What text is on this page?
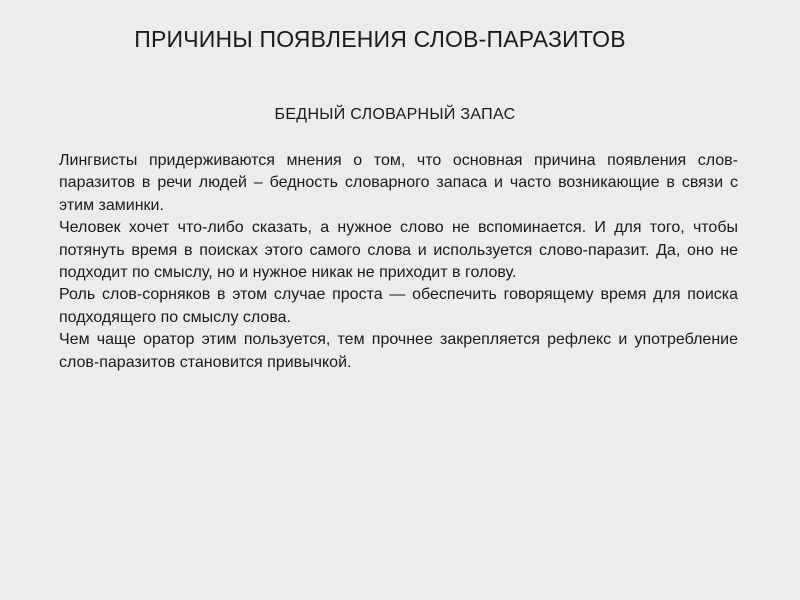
ПРИЧИНЫ ПОЯВЛЕНИЯ СЛОВ-ПАРАЗИТОВ
БЕДНЫЙ СЛОВАРНЫЙ ЗАПАС

Лингвисты придерживаются мнения о том, что основная причина появления слов-паразитов в речи людей – бедность словарного запаса и часто возникающие в связи с этим заминки.

Человек хочет что-либо сказать, а нужное слово не вспоминается. И для того, чтобы потянуть время в поисках этого самого слова и используется слово-паразит. Да, оно не подходит по смыслу, но и нужное никак не приходит в голову.

Роль слов-сорняков в этом случае проста — обеспечить говорящему время для поиска подходящего по смыслу слова.

Чем чаще оратор этим пользуется, тем прочнее закрепляется рефлекс и употребление слов-паразитов становится привычкой.
